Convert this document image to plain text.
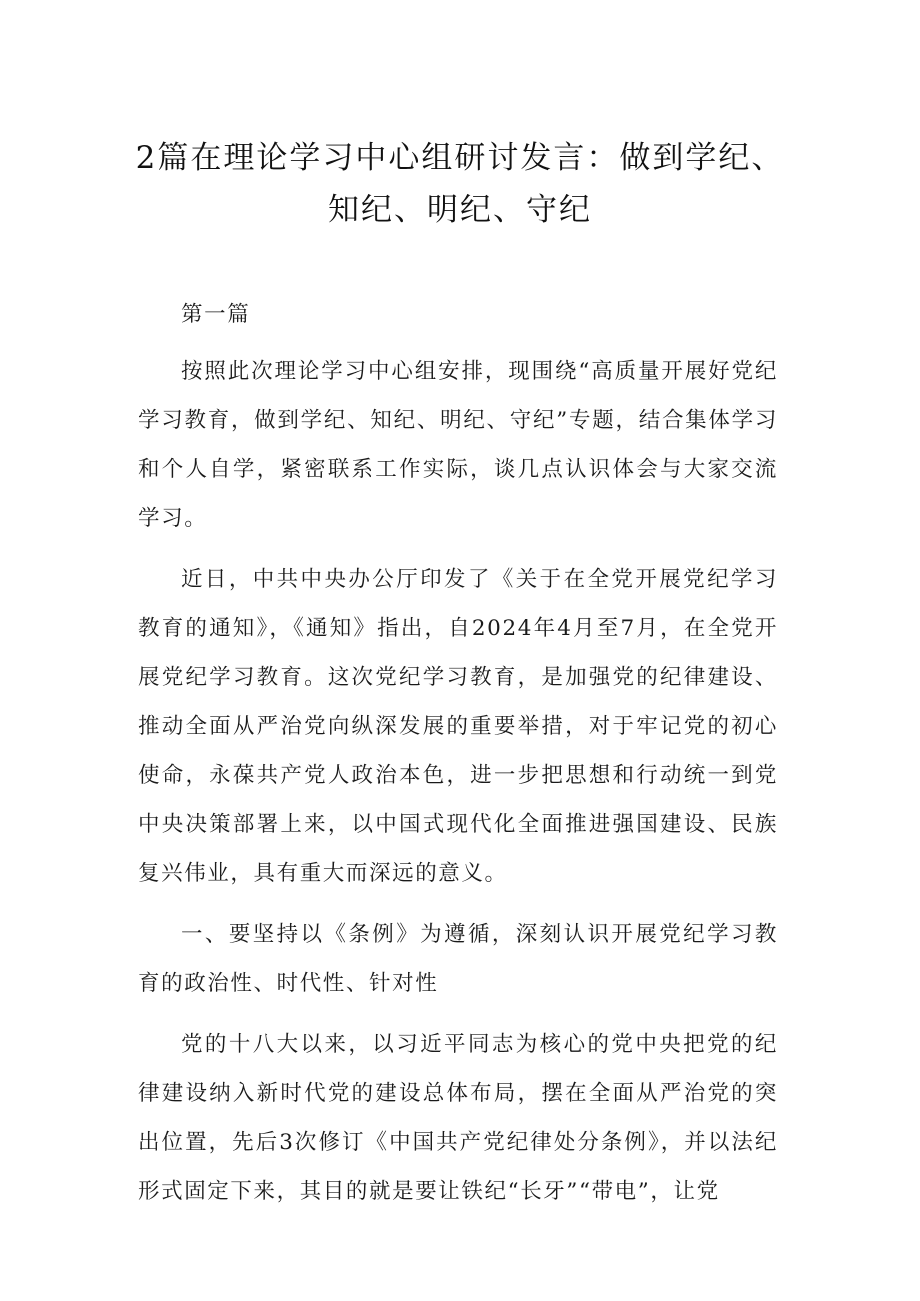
2篇在理论学习中心组研讨发言：做到学纪、
知纪、明纪、守纪

第一篇

按照此次理论学习中心组安排，现围绕“高质量开展好党纪学习教育，做到学纪、知纪、明纪、守纪”专题，结合集体学习和个人自学，紧密联系工作实际，谈几点认识体会与大家交流学习。

近日，中共中央办公厅印发了《关于在全党开展党纪学习教育的通知》，《通知》指出，自2024年4月至7月，在全党开展党纪学习教育。这次党纪学习教育，是加强党的纪律建设、推动全面从严治党向纵深发展的重要举措，对于牢记党的初心使命，永葆共产党人政治本色，进一步把思想和行动统一到党中央决策部署上来，以中国式现代化全面推进强国建设、民族复兴伟业，具有重大而深远的意义。

一、要坚持以《条例》为遵循，深刻认识开展党纪学习教育的政治性、时代性、针对性

党的十八大以来，以习近平同志为核心的党中央把党的纪律建设纳入新时代党的建设总体布局，摆在全面从严治党的突出位置，先后3次修订《中国共产党纪律处分条例》，并以法纪形式固定下来，其目的就是要让铁纪“长牙”“带电”，让党
